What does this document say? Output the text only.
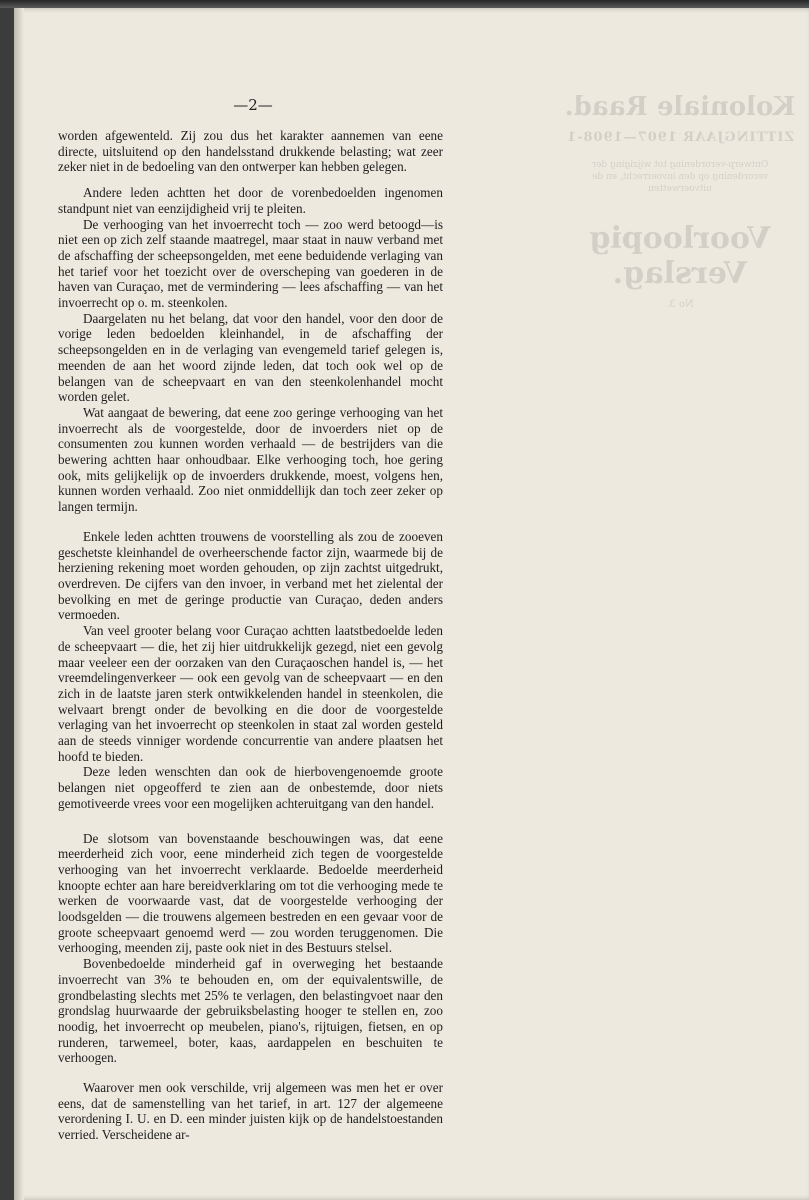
Koloniale Raad.
ZITTINGJAAR 1907—1908-1
Ontwerp-verordening tot wijziging der verordening op den invoerrecht, en de uitvoerwetten
Voorloopig Verslag.
No 3.
—2—

worden afgewenteld. Zij zou dus het karakter aannemen van eene directe, uitsluitend op den handelsstand drukkende belasting; wat zeer zeker niet in de bedoeling van den ontwerper kan hebben gelegen.

Andere leden achtten het door de vorenbedoelden ingenomen standpunt niet van eenzijdigheid vrij te pleiten.

De verhooging van het invoerrecht toch — zoo werd betoogd—is niet een op zich zelf staande maatregel, maar staat in nauw verband met de afschaffing der scheepsongelden, met eene beduidende verlaging van het tarief voor het toezicht over de overscheping van goederen in de haven van Curaçao, met de vermindering — lees afschaffing — van het invoerrecht op o. m. steenkolen.

Daargelaten nu het belang, dat voor den handel, voor den door de vorige leden bedoelden kleinhandel, in de afschaffing der scheepsongelden en in de verlaging van evengemeld tarief gelegen is, meenden de aan het woord zijnde leden, dat toch ook wel op de belangen van de scheepvaart en van den steenkolenhandel mocht worden gelet.

Wat aangaat de bewering, dat eene zoo geringe verhooging van het invoerrecht als de voorgestelde, door de invoerders niet op de consumenten zou kunnen worden verhaald — de bestrijders van die bewering achtten haar onhoudbaar. Elke verhooging toch, hoe gering ook, mits gelijkelijk op de invoerders drukkende, moest, volgens hen, kunnen worden verhaald. Zoo niet onmiddellijk dan toch zeer zeker op langen termijn.

Enkele leden achtten trouwens de voorstelling als zou de zooeven geschetste kleinhandel de overheerschende factor zijn, waarmede bij de herziening rekening moet worden gehouden, op zijn zachtst uitgedrukt, overdreven. De cijfers van den invoer, in verband met het zielental der bevolking en met de geringe productie van Curaçao, deden anders vermoeden.

Van veel grooter belang voor Curaçao achtten laatstbedoelde leden de scheepvaart — die, het zij hier uitdrukkelijk gezegd, niet een gevolg maar veeleer een der oorzaken van den Curaçaoschen handel is, — het vreemdelingenverkeer — ook een gevolg van de scheepvaart — en den zich in de laatste jaren sterk ontwikkelenden handel in steenkolen, die welvaart brengt onder de bevolking en die door de voorgestelde verlaging van het invoerrecht op steenkolen in staat zal worden gesteld aan de steeds vinniger wordende concurrentie van andere plaatsen het hoofd te bieden.

Deze leden wenschten dan ook de hierbovengenoemde groote belangen niet opgeofferd te zien aan de onbestemde, door niets gemotiveerde vrees voor een mogelijken achteruitgang van den handel.

De slotsom van bovenstaande beschouwingen was, dat eene meerderheid zich voor, eene minderheid zich tegen de voorgestelde verhooging van het invoerrecht verklaarde. Bedoelde meerderheid knoopte echter aan hare bereidverklaring om tot die verhooging mede te werken de voorwaarde vast, dat de voorgestelde verhooging der loodsgelden — die trouwens algemeen bestreden en een gevaar voor de groote scheepvaart genoemd werd — zou worden teruggenomen. Die verhooging, meenden zij, paste ook niet in des Bestuurs stelsel.

Bovenbedoelde minderheid gaf in overweging het bestaande invoerrecht van 3% te behouden en, om der equivalentswille, de grondbelasting slechts met 25% te verlagen, den belastingvoet naar den grondslag huurwaarde der gebruiksbelasting hooger te stellen en, zoo noodig, het invoerrecht op meubelen, piano's, rijtuigen, fietsen, en op runderen, tarwemeel, boter, kaas, aardappelen en beschuiten te verhoogen.

Waarover men ook verschilde, vrij algemeen was men het er over eens, dat de samenstelling van het tarief, in art. 127 der algemeene verordening I. U. en D. een minder juisten kijk op de handelstoestanden verried. Verscheidene ar-
